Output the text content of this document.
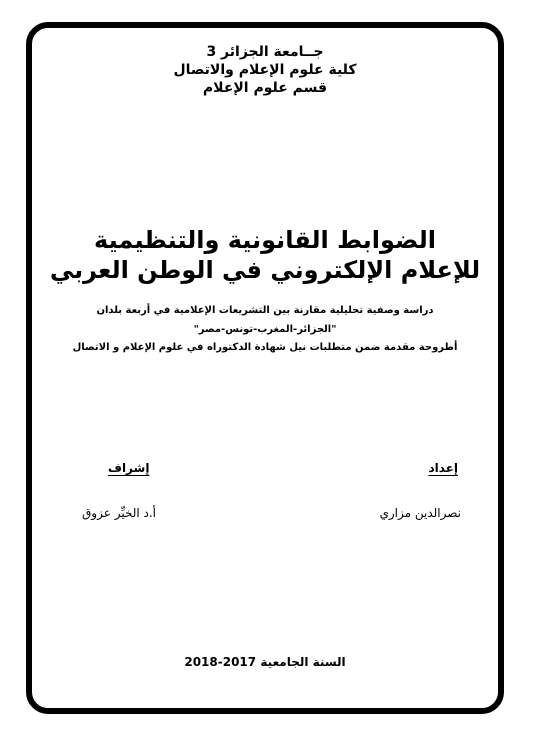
جــامعة الجزائر 3
كلية علوم الإعلام والاتصال
قسم علوم الإعلام
الضوابط القانونية والتنظيمية
للإعلام الإلكتروني في الوطن العربي
دراسة وصفية تحليلية مقارنة بين التشريعات الإعلامية في أربعة بلدان
"الجزائر-المغرب-تونس-مصر"
أطروحة مقدمة ضمن متطلبات نيل شهادة الدكتوراه في علوم الإعلام و الاتصال
إعداد
إشراف
نصرالدين مزاري
أ.د الخيِّر عزوق
السنة الجامعية 2017-2018
